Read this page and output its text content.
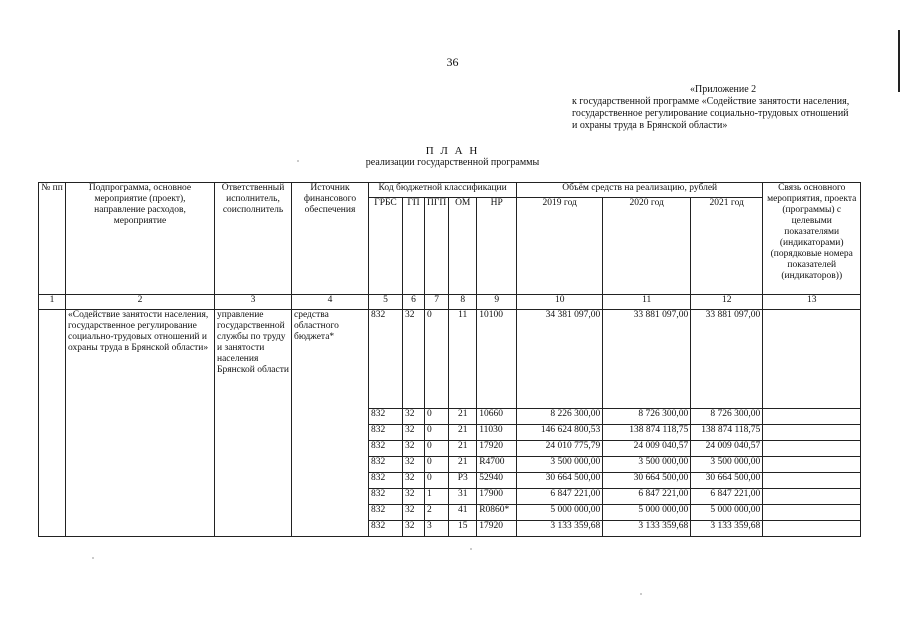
36
«Приложение 2
к государственной программе «Содействие занятости населения,
государственное регулирование социально-трудовых отношений
и охраны труда в Брянской области»
П Л А Н
реализации государственной программы
№ пп	Подпрограмма, основное мероприятие (проект), направление расходов, мероприятие	Ответственный исполнитель, соисполнитель	Источник финансового обеспечения	Код бюджетной классификации					Объём средств на реализацию, рублей			Связь основного мероприятия, проекта (программы) с целевыми показателями (индикаторами) (порядковые номера показателей (индикаторов))
				ГРБС	ГП	ПГП	ОМ	НР	2019 год	2020 год	2021 год	
1	2	3	4	5	6	7	8	9	10	11	12	13
	«Содействие занятости населения, государственное регулирование социально-трудовых отношений и охраны труда в Брянской области»	управление государственной службы по труду и занятости населения Брянской области	средства областного бюджета*	832	32	0	11	10100	34 381 097,00	33 881 097,00	33 881 097,00	
				832	32	0	21	10660	8 226 300,00	8 726 300,00	8 726 300,00	
				832	32	0	21	11030	146 624 800,53	138 874 118,75	138 874 118,75	
				832	32	0	21	17920	24 010 775,79	24 009 040,57	24 009 040,57	
				832	32	0	21	R4700	3 500 000,00	3 500 000,00	3 500 000,00	
				832	32	0	P3	52940	30 664 500,00	30 664 500,00	30 664 500,00	
				832	32	1	31	17900	6 847 221,00	6 847 221,00	6 847 221,00	
				832	32	2	41	R0860*	5 000 000,00	5 000 000,00	5 000 000,00	
				832	32	3	15	17920	3 133 359,68	3 133 359,68	3 133 359,68	
